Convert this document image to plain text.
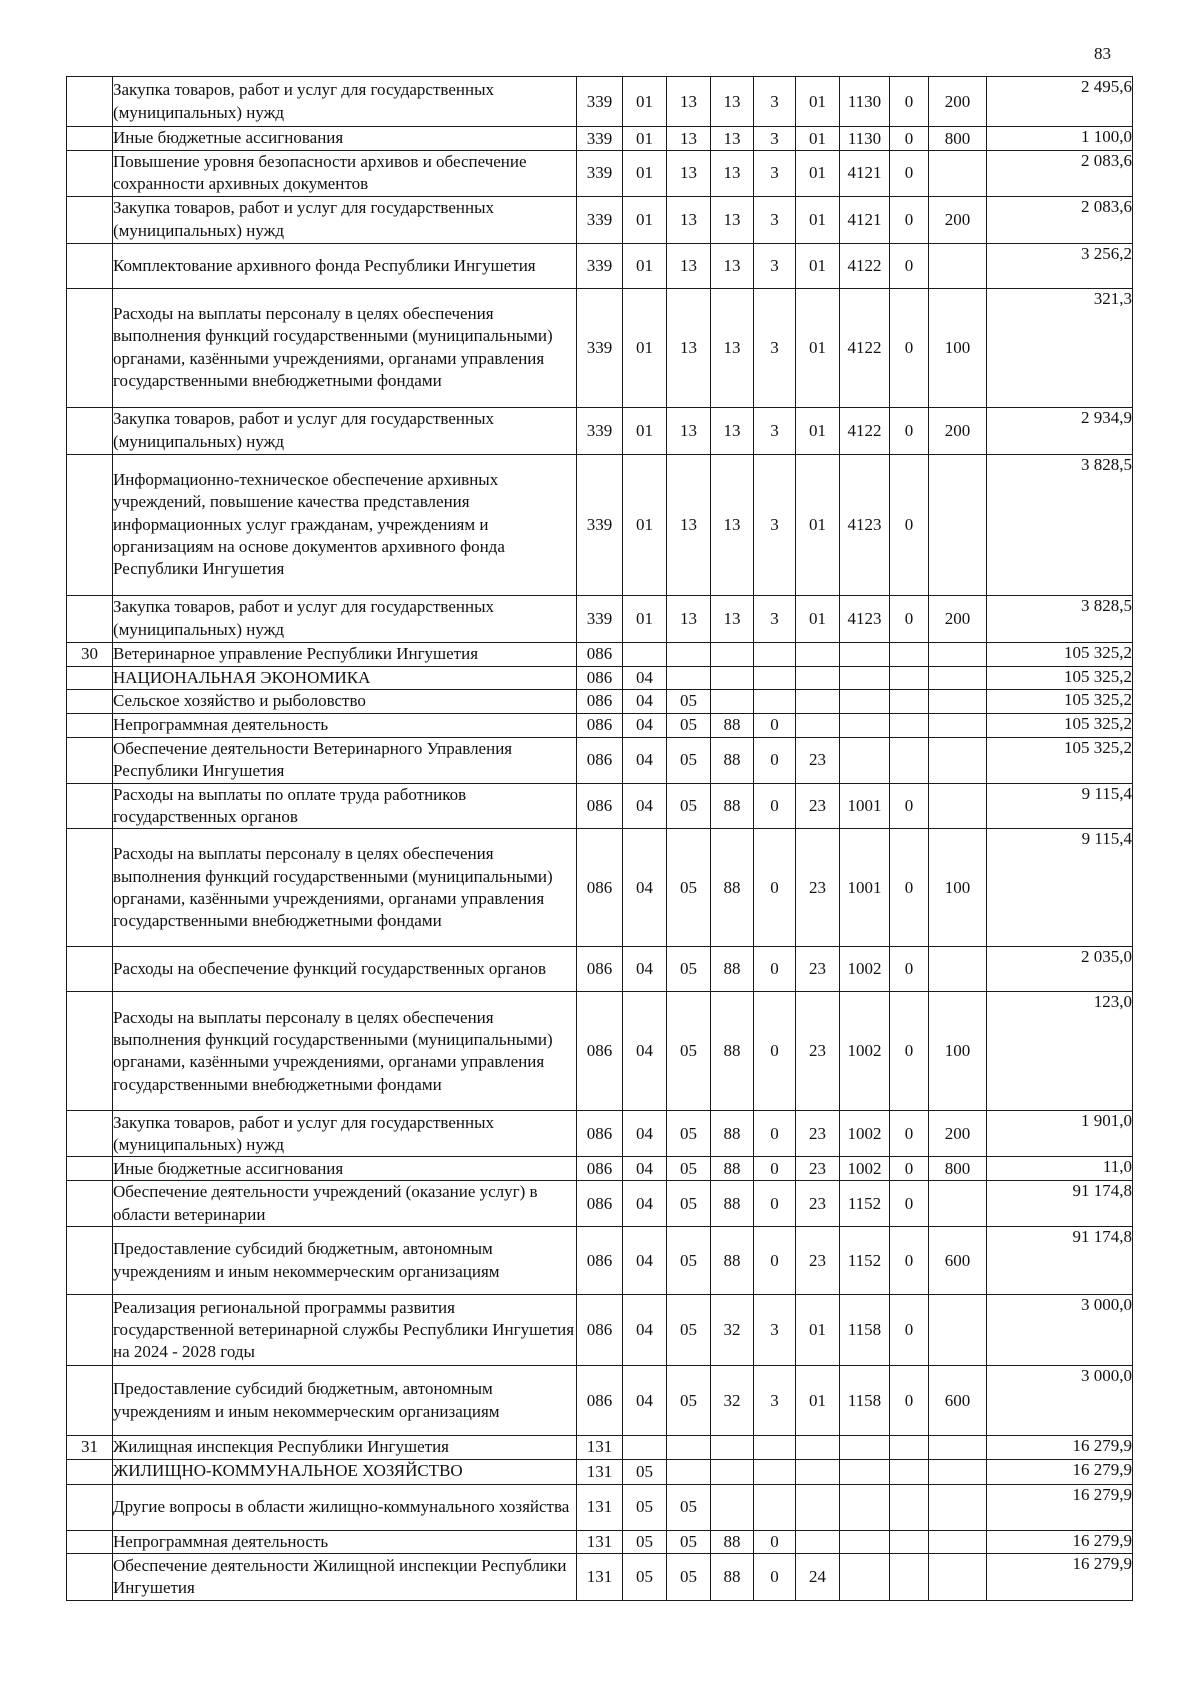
83
	Закупка товаров, работ и услуг для государственных (муниципальных) нужд	339	01	13	13	3	01	1130	0	200	2 495,6
	Иные бюджетные ассигнования	339	01	13	13	3	01	1130	0	800	1 100,0
	Повышение уровня безопасности архивов и обеспечение сохранности архивных документов	339	01	13	13	3	01	4121	0		2 083,6
	Закупка товаров, работ и услуг для государственных (муниципальных) нужд	339	01	13	13	3	01	4121	0	200	2 083,6
	Комплектование архивного фонда Республики Ингушетия	339	01	13	13	3	01	4122	0		3 256,2
	Расходы на выплаты персоналу в целях обеспечения выполнения функций государственными (муниципальными) органами, казёнными учреждениями, органами управления государственными внебюджетными фондами	339	01	13	13	3	01	4122	0	100	321,3
	Закупка товаров, работ и услуг для государственных (муниципальных) нужд	339	01	13	13	3	01	4122	0	200	2 934,9
	Информационно-техническое обеспечение архивных учреждений, повышение качества представления информационных услуг гражданам, учреждениям и организациям на основе документов архивного фонда Республики Ингушетия	339	01	13	13	3	01	4123	0		3 828,5
	Закупка товаров, работ и услуг для государственных (муниципальных) нужд	339	01	13	13	3	01	4123	0	200	3 828,5
30	Ветеринарное управление Республики Ингушетия	086									105 325,2
	НАЦИОНАЛЬНАЯ ЭКОНОМИКА	086	04								105 325,2
	Сельское хозяйство и рыболовство	086	04	05							105 325,2
	Непрограммная деятельность	086	04	05	88	0					105 325,2
	Обеспечение деятельности Ветеринарного Управления Республики Ингушетия	086	04	05	88	0	23				105 325,2
	Расходы на выплаты по оплате труда работников государственных органов	086	04	05	88	0	23	1001	0		9 115,4
	Расходы на выплаты персоналу в целях обеспечения выполнения функций государственными (муниципальными) органами, казёнными учреждениями, органами управления государственными внебюджетными фондами	086	04	05	88	0	23	1001	0	100	9 115,4
	Расходы на обеспечение функций государственных органов	086	04	05	88	0	23	1002	0		2 035,0
	Расходы на выплаты персоналу в целях обеспечения выполнения функций государственными (муниципальными) органами, казёнными учреждениями, органами управления государственными внебюджетными фондами	086	04	05	88	0	23	1002	0	100	123,0
	Закупка товаров, работ и услуг для государственных (муниципальных) нужд	086	04	05	88	0	23	1002	0	200	1 901,0
	Иные бюджетные ассигнования	086	04	05	88	0	23	1002	0	800	11,0
	Обеспечение деятельности учреждений (оказание услуг) в области ветеринарии	086	04	05	88	0	23	1152	0		91 174,8
	Предоставление субсидий бюджетным, автономным учреждениям и иным некоммерческим организациям	086	04	05	88	0	23	1152	0	600	91 174,8
	Реализация региональной программы развития государственной ветеринарной службы Республики Ингушетия на 2024 - 2028 годы	086	04	05	32	3	01	1158	0		3 000,0
	Предоставление субсидий бюджетным, автономным учреждениям и иным некоммерческим организациям	086	04	05	32	3	01	1158	0	600	3 000,0
31	Жилищная инспекция Республики Ингушетия	131									16 279,9
	ЖИЛИЩНО-КОММУНАЛЬНОЕ ХОЗЯЙСТВО	131	05								16 279,9
	Другие вопросы в области жилищно-коммунального хозяйства	131	05	05							16 279,9
	Непрограммная деятельность	131	05	05	88	0					16 279,9
	Обеспечение деятельности Жилищной инспекции Республики Ингушетия	131	05	05	88	0	24				16 279,9
